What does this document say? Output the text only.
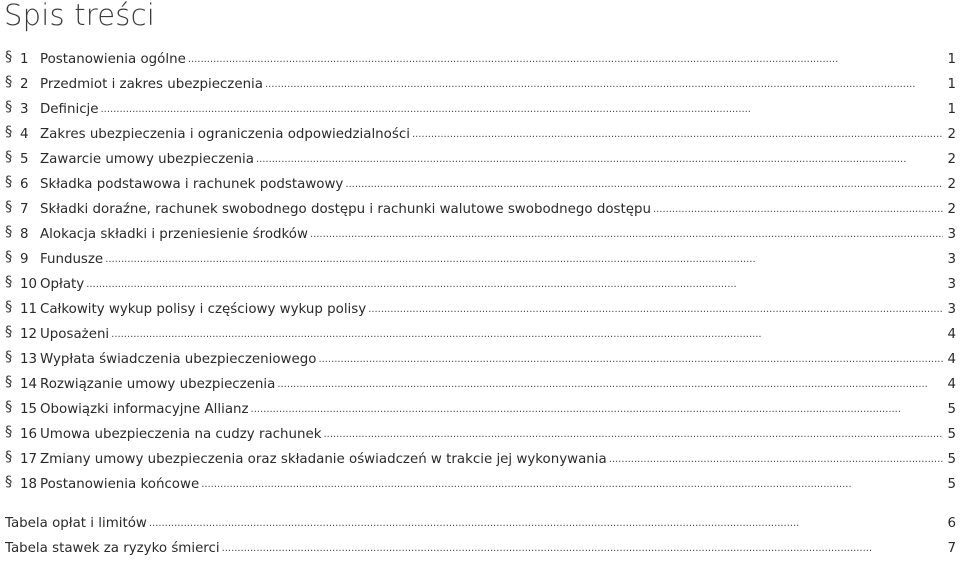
Spis treści
§ 1 Postanowienia ogólne . . .	1
§ 2 Przedmiot i zakres ubezpieczenia . . .	1
§ 3 Definicje . . .	1
§ 4 Zakres ubezpieczenia i ograniczenia odpowiedzialności . . .	2
§ 5 Zawarcie umowy ubezpieczenia . . .	2
§ 6 Składka podstawowa i rachunek podstawowy . . .	2
§ 7 Składki doraźne, rachunek swobodnego dostępu i rachunki walutowe swobodnego dostępu . . .	2
§ 8 Alokacja składki i przeniesienie środków . . .	3
§ 9 Fundusze . . .	3
§ 10 Opłaty . . .	3
§ 11 Całkowity wykup polisy i częściowy wykup polisy . . .	3
§ 12 Uposażeni . . .	4
§ 13 Wypłata świadczenia ubezpieczeniowego . . .	4
§ 14 Rozwiązanie umowy ubezpieczenia . . .	4
§ 15 Obowiązki informacyjne Allianz . . .	5
§ 16 Umowa ubezpieczenia na cudzy rachunek . . .	5
§ 17 Zmiany umowy ubezpieczenia oraz składanie oświadczeń w trakcie jej wykonywania . . .	5
§ 18 Postanowienia końcowe . . .	5
Tabela opłat i limitów . . .	6
Tabela stawek za ryzyko śmierci . . .	7
